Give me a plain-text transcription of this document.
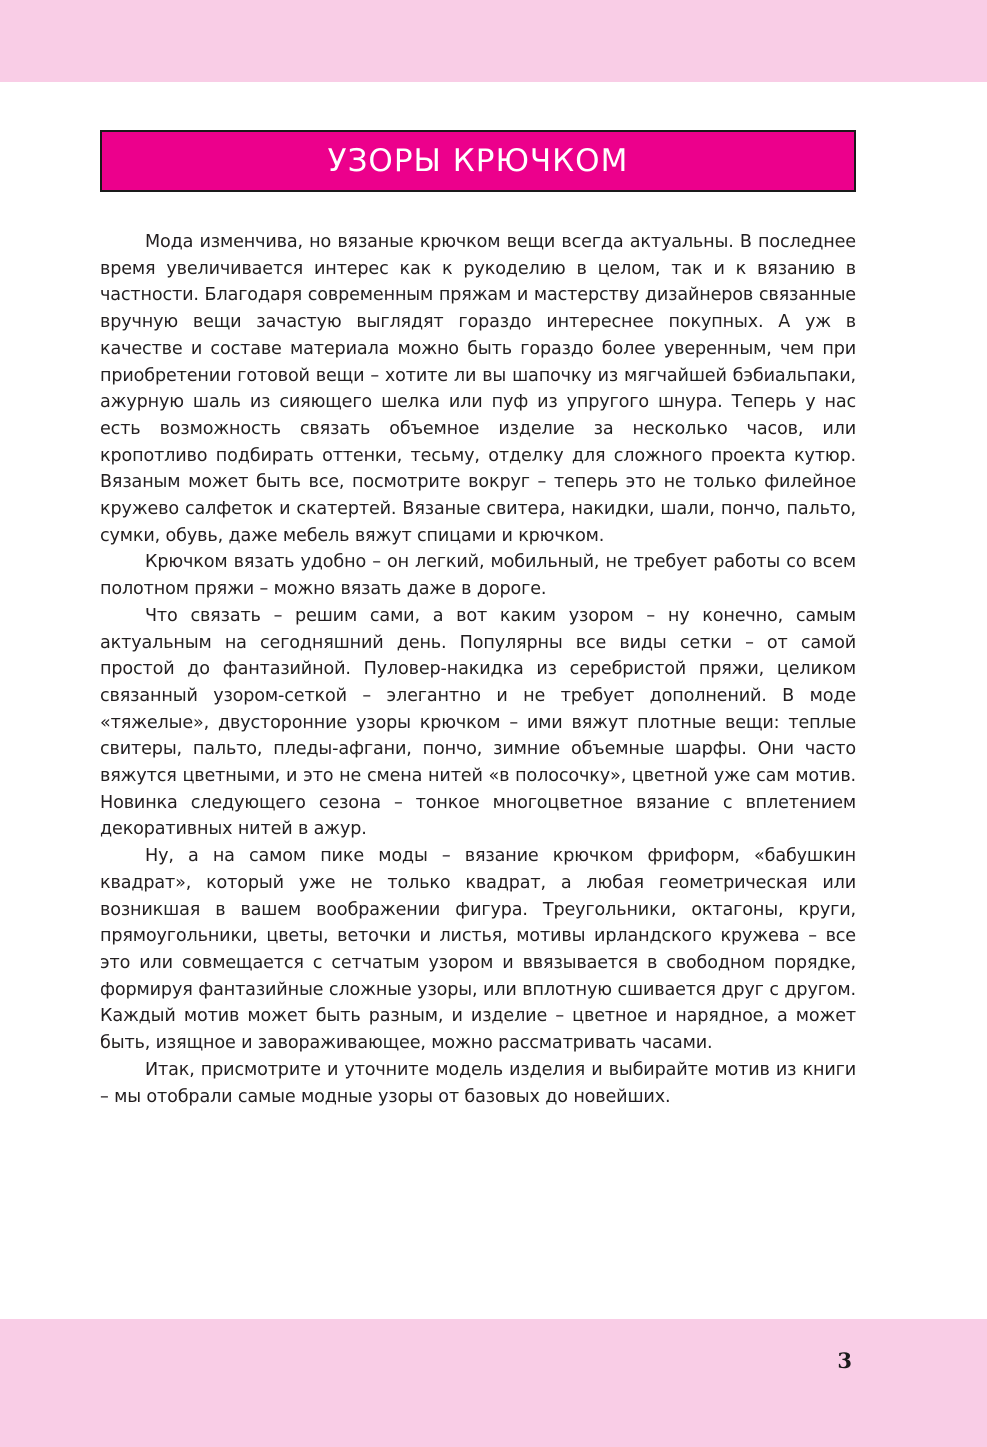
УЗОРЫ КРЮЧКОМ

Мода изменчива, но вязаные крючком вещи всегда актуальны. В последнее время увеличивается интерес как к рукоделию в целом, так и к вязанию в частности. Благодаря современным пряжам и мастерству дизайнеров связанные вручную вещи зачастую выглядят гораздо интереснее покупных. А уж в качестве и составе материала можно быть гораздо более уверенным, чем при приобретении готовой вещи – хотите ли вы шапочку из мягчайшей бэбиальпаки, ажурную шаль из сияющего шелка или пуф из упругого шнура. Теперь у нас есть возможность связать объемное изделие за несколько часов, или кропотливо подбирать оттенки, тесьму, отделку для сложного проекта кутюр. Вязаным может быть все, посмотрите вокруг – теперь это не только филейное кружево салфеток и скатертей. Вязаные свитера, накидки, шали, пончо, пальто, сумки, обувь, даже мебель вяжут спицами и крючком.

Крючком вязать удобно – он легкий, мобильный, не требует работы со всем полотном пряжи – можно вязать даже в дороге.

Что связать – решим сами, а вот каким узором – ну конечно, самым актуальным на сегодняшний день. Популярны все виды сетки – от самой простой до фантазийной. Пуловер-накидка из серебристой пряжи, целиком связанный узором-сеткой – элегантно и не требует дополнений. В моде «тяжелые», двусторонние узоры крючком – ими вяжут плотные вещи: теплые свитеры, пальто, пледы-афгани, пончо, зимние объемные шарфы. Они часто вяжутся цветными, и это не смена нитей «в полосочку», цветной уже сам мотив. Новинка следующего сезона – тонкое многоцветное вязание с вплетением декоративных нитей в ажур.

Ну, а на самом пике моды – вязание крючком фриформ, «бабушкин квадрат», который уже не только квадрат, а любая геометрическая или возникшая в вашем воображении фигура. Треугольники, октагоны, круги, прямоугольники, цветы, веточки и листья, мотивы ирландского кружева – все это или совмещается с сетчатым узором и ввязывается в свободном порядке, формируя фантазийные сложные узоры, или вплотную сшивается друг с другом. Каждый мотив может быть разным, и изделие – цветное и нарядное, а может быть, изящное и завораживающее, можно рассматривать часами.

Итак, присмотрите и уточните модель изделия и выбирайте мотив из книги – мы отобрали самые модные узоры от базовых до новейших.

3
